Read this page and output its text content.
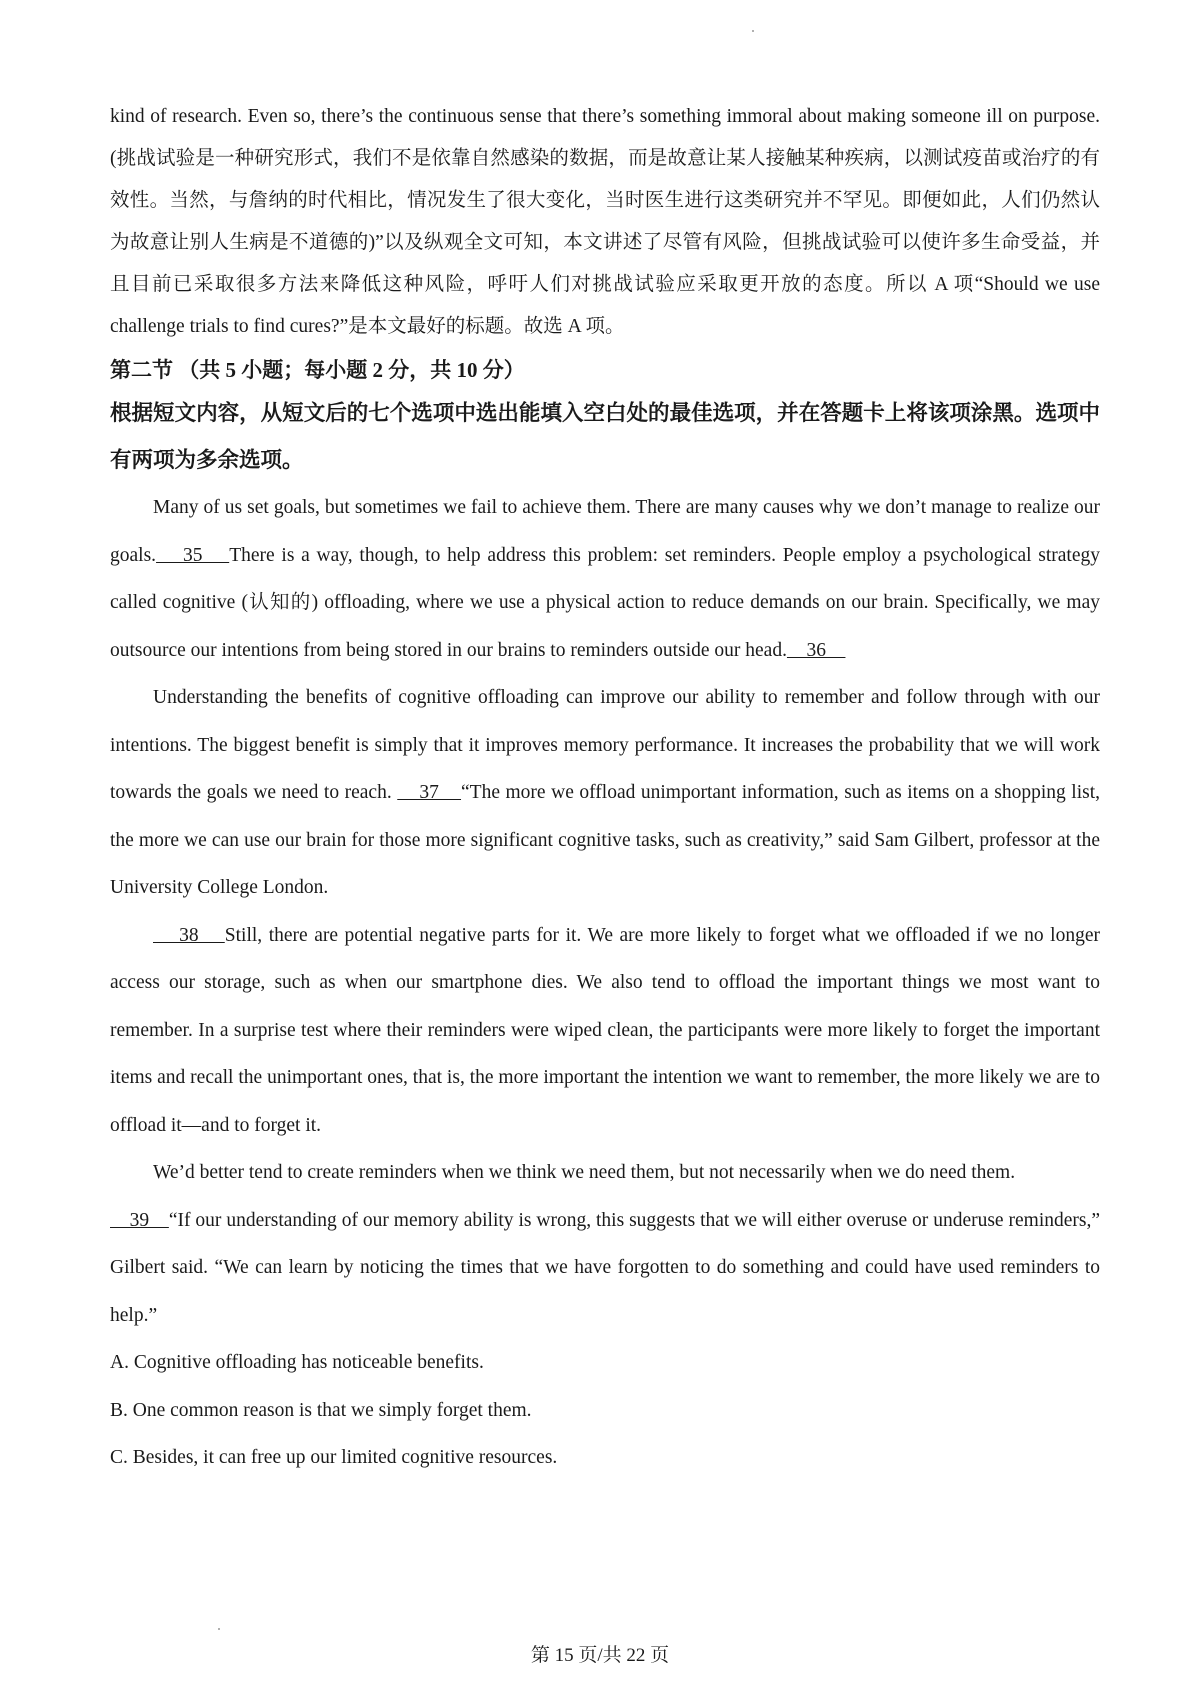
kind of research. Even so, there’s the continuous sense that there’s something immoral about making someone ill on purpose.(挑战试验是一种研究形式，我们不是依靠自然感染的数据，而是故意让某人接触某种疾病，以测试疫苗或治疗的有效性。当然，与詹纳的时代相比，情况发生了很大变化，当时医生进行这类研究并不罕见。即便如此，人们仍然认为故意让别人生病是不道德的)”以及纵观全文可知，本文讲述了尽管有风险，但挑战试验可以使许多生命受益，并且目前已采取很多方法来降低这种风险，呼吁人们对挑战试验应采取更开放的态度。所以 A 项“Should we use challenge trials to find cures?”是本文最好的标题。故选 A 项。

第二节 （共 5 小题；每小题 2 分，共 10 分）

根据短文内容，从短文后的七个选项中选出能填入空白处的最佳选项，并在答题卡上将该项涂黑。选项中有两项为多余选项。

Many of us set goals, but sometimes we fail to achieve them. There are many causes why we don’t manage to realize our goals.    35    There is a way, though, to help address this problem: set reminders. People employ a psychological strategy called cognitive (认知的) offloading, where we use a physical action to reduce demands on our brain. Specifically, we may outsource our intentions from being stored in our brains to reminders outside our head.    36

Understanding the benefits of cognitive offloading can improve our ability to remember and follow through with our intentions. The biggest benefit is simply that it improves memory performance. It increases the probability that we will work towards the goals we need to reach.     37    “The more we offload unimportant information, such as items on a shopping list, the more we can use our brain for those more significant cognitive tasks, such as creativity,” said Sam Gilbert, professor at the University College London.

38    Still, there are potential negative parts for it. We are more likely to forget what we offloaded if we no longer access our storage, such as when our smartphone dies. We also tend to offload the important things we most want to remember. In a surprise test where their reminders were wiped clean, the participants were more likely to forget the important items and recall the unimportant ones, that is, the more important the intention we want to remember, the more likely we are to offload it—and to forget it.

We’d better tend to create reminders when we think we need them, but not necessarily when we do need them.

39    “If our understanding of our memory ability is wrong, this suggests that we will either overuse or underuse reminders,” Gilbert said. “We can learn by noticing the times that we have forgotten to do something and could have used reminders to help.”

A. Cognitive offloading has noticeable benefits.

B. One common reason is that we simply forget them.

C. Besides, it can free up our limited cognitive resources.

第 15 页/共 22 页
